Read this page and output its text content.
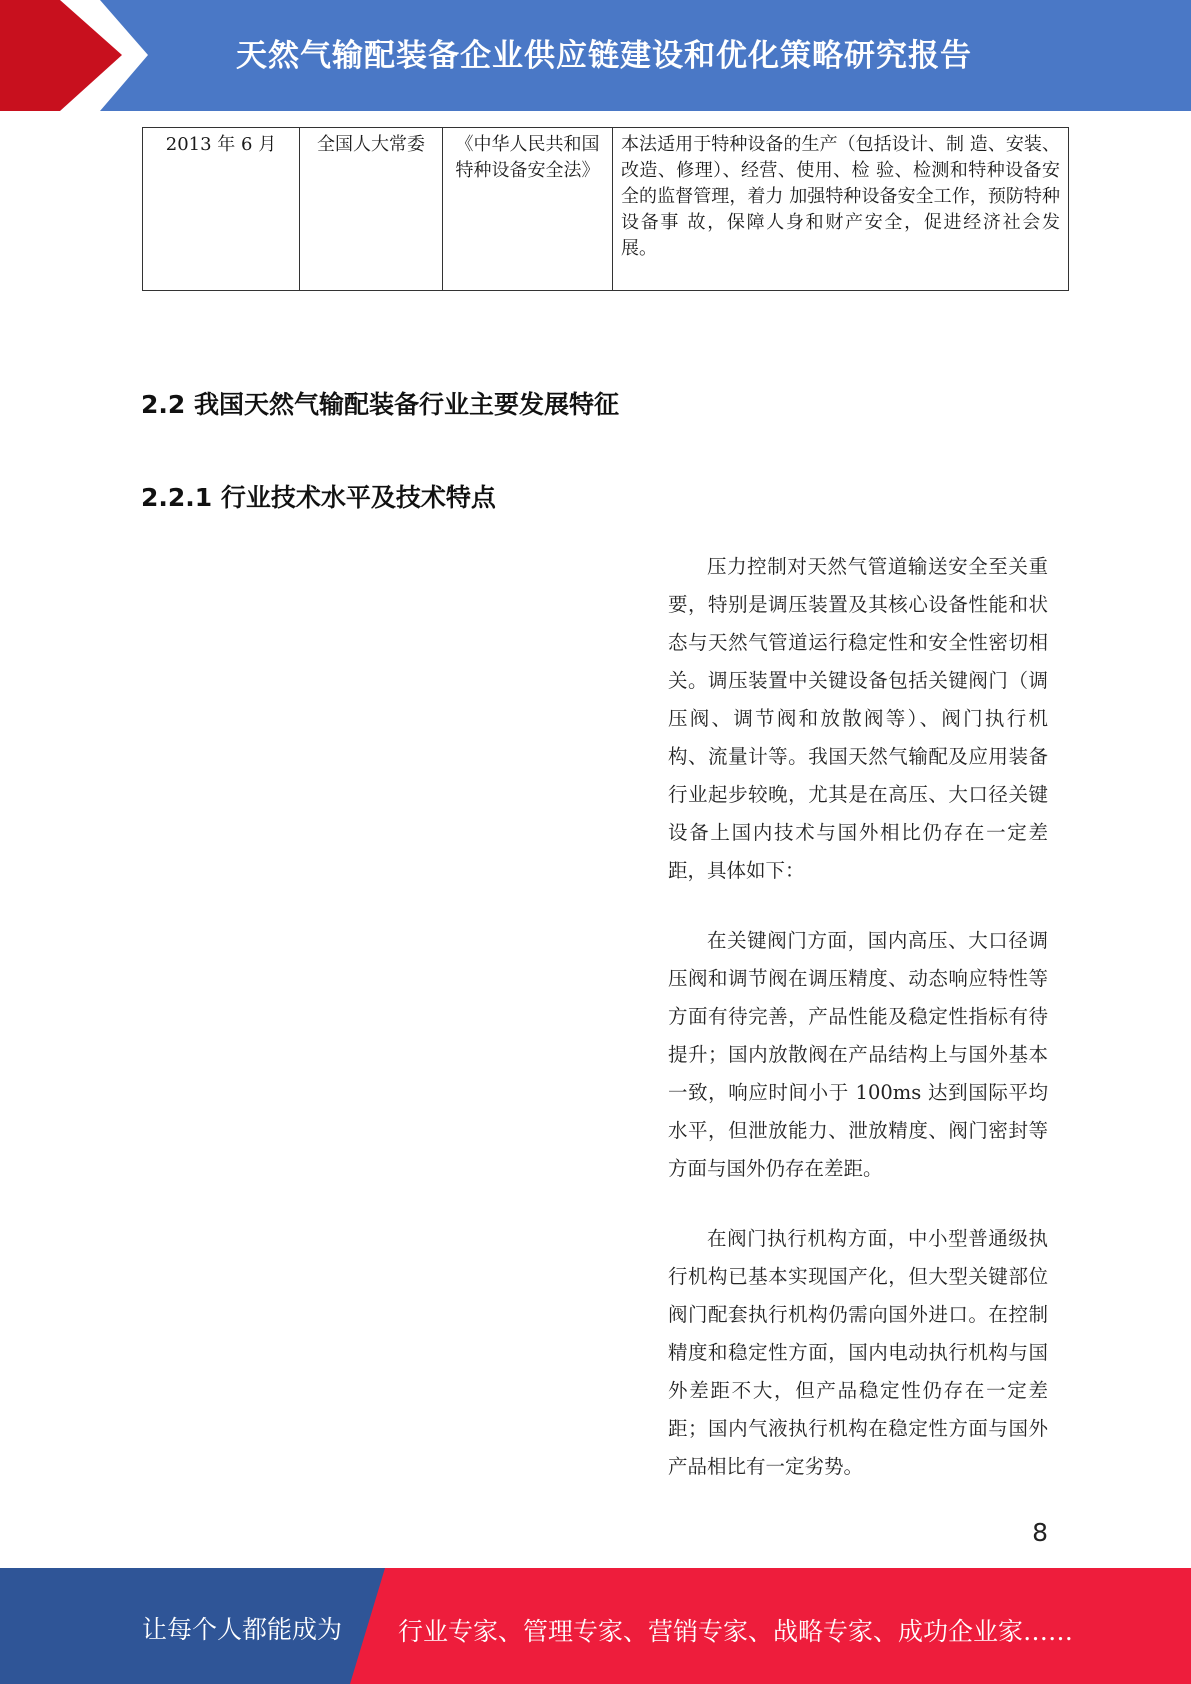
天然气输配装备企业供应链建设和优化策略研究报告
2013 年 6 月	全国人大常委	《中华人民共和国特种设备安全法》	本法适用于特种设备的生产（包括设计、制 造、安装、改造、修理）、经营、使用、检 验、检测和特种设备安全的监督管理，着力 加强特种设备安全工作，预防特种设备事 故，保障人身和财产安全，促进经济社会发 展。
2.2 我国天然气输配装备行业主要发展特征
2.2.1 行业技术水平及技术特点

压力控制对天然气管道输送安全至关重要，特别是调压装置及其核心设备性能和状态与天然气管道运行稳定性和安全性密切相关。调压装置中关键设备包括关键阀门（调压阀、调节阀和放散阀等）、阀门执行机构、流量计等。我国天然气输配及应用装备行业起步较晚，尤其是在高压、大口径关键设备上国内技术与国外相比仍存在一定差距，具体如下：

在关键阀门方面，国内高压、大口径调压阀和调节阀在调压精度、动态响应特性等方面有待完善，产品性能及稳定性指标有待提升；国内放散阀在产品结构上与国外基本一致，响应时间小于 100ms 达到国际平均水平，但泄放能力、泄放精度、阀门密封等方面与国外仍存在差距。

在阀门执行机构方面，中小型普通级执行机构已基本实现国产化，但大型关键部位阀门配套执行机构仍需向国外进口。在控制精度和稳定性方面，国内电动执行机构与国外差距不大，但产品稳定性仍存在一定差距；国内气液执行机构在稳定性方面与国外产品相比有一定劣势。

8
让每个人都能成为 行业专家、管理专家、营销专家、战略专家、成功企业家……
